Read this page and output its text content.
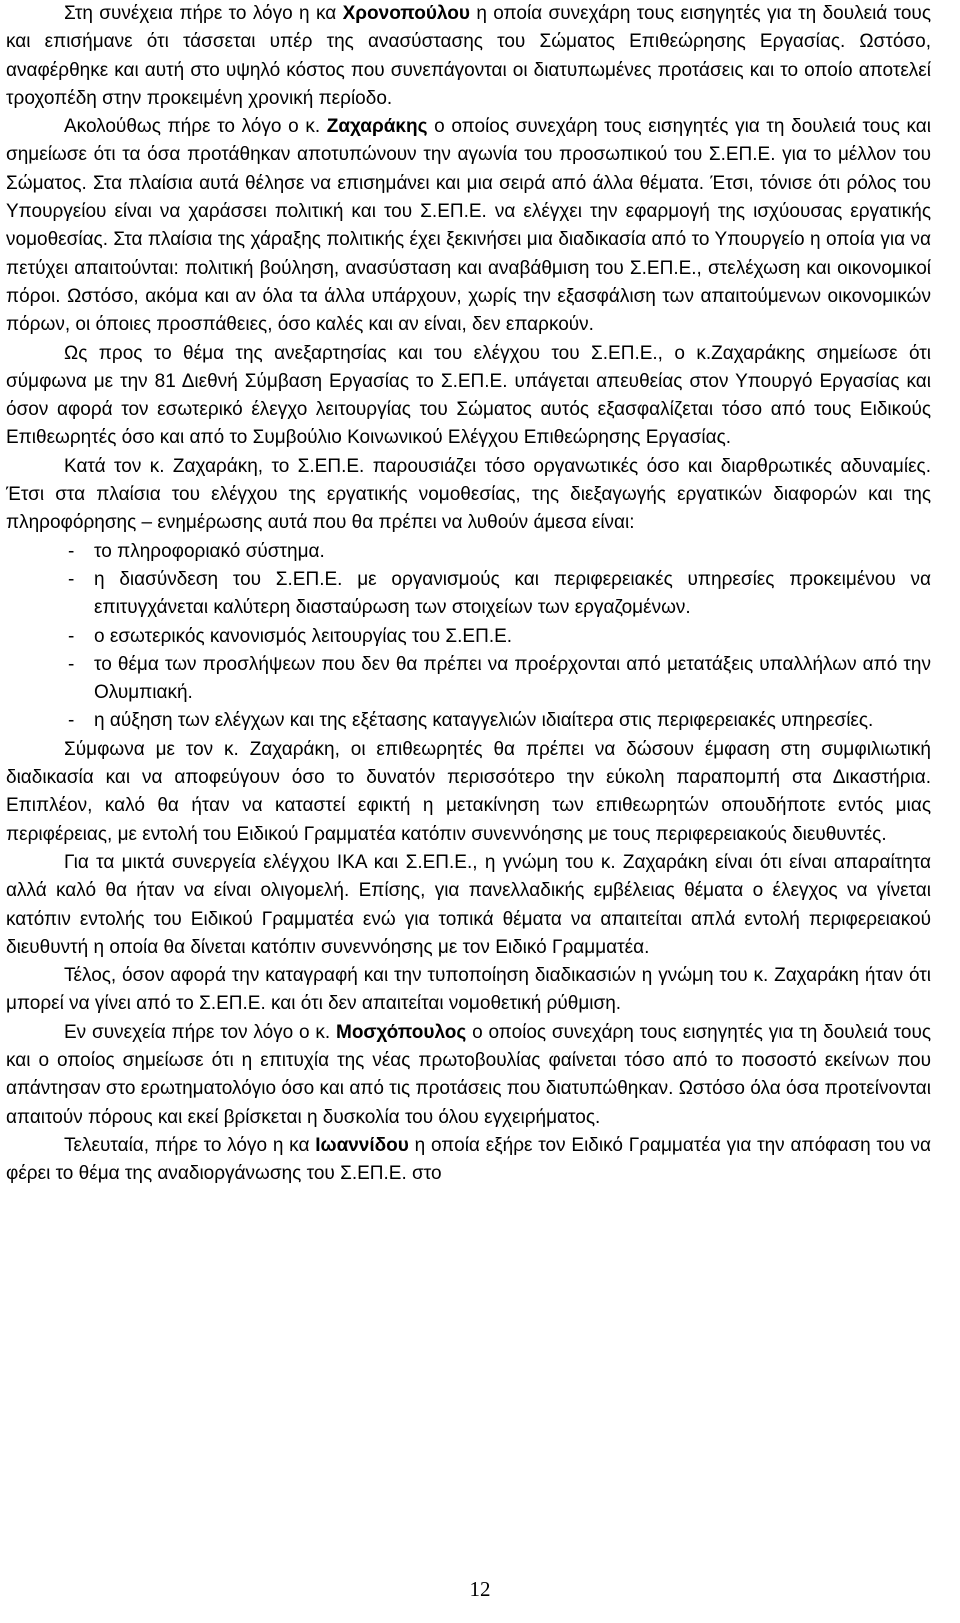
Στη συνέχεια πήρε το λόγο η κα Χρονοπούλου η οποία συνεχάρη τους εισηγητές για τη δουλειά τους και επισήμανε ότι τάσσεται υπέρ της ανασύστασης του Σώματος Επιθεώρησης Εργασίας. Ωστόσο, αναφέρθηκε και αυτή στο υψηλό κόστος που συνεπάγονται οι διατυπωμένες προτάσεις και το οποίο αποτελεί τροχοπέδη στην προκειμένη χρονική περίοδο.

Ακολούθως πήρε το λόγο ο κ. Ζαχαράκης ο οποίος συνεχάρη τους εισηγητές για τη δουλειά τους και σημείωσε ότι τα όσα προτάθηκαν αποτυπώνουν την αγωνία του προσωπικού του Σ.ΕΠ.Ε. για το μέλλον του Σώματος. Στα πλαίσια αυτά θέλησε να επισημάνει και μια σειρά από άλλα θέματα. Έτσι, τόνισε ότι ρόλος του Υπουργείου είναι να χαράσσει πολιτική και του Σ.ΕΠ.Ε. να ελέγχει την εφαρμογή της ισχύουσας εργατικής νομοθεσίας. Στα πλαίσια της χάραξης πολιτικής έχει ξεκινήσει μια διαδικασία από το Υπουργείο η οποία για να πετύχει απαιτούνται: πολιτική βούληση, ανασύσταση και αναβάθμιση του Σ.ΕΠ.Ε., στελέχωση και οικονομικοί πόροι. Ωστόσο, ακόμα και αν όλα τα άλλα υπάρχουν, χωρίς την εξασφάλιση των απαιτούμενων οικονομικών πόρων, οι όποιες προσπάθειες, όσο καλές και αν είναι, δεν επαρκούν.

Ως προς το θέμα της ανεξαρτησίας και του ελέγχου του Σ.ΕΠ.Ε., ο κ.Ζαχαράκης σημείωσε ότι σύμφωνα με την 81 Διεθνή Σύμβαση Εργασίας το Σ.ΕΠ.Ε. υπάγεται απευθείας στον Υπουργό Εργασίας και όσον αφορά τον εσωτερικό έλεγχο λειτουργίας του Σώματος αυτός εξασφαλίζεται τόσο από τους Ειδικούς Επιθεωρητές όσο και από το Συμβούλιο Κοινωνικού Ελέγχου Επιθεώρησης Εργασίας.

Κατά τον κ. Ζαχαράκη, το Σ.ΕΠ.Ε. παρουσιάζει τόσο οργανωτικές όσο και διαρθρωτικές αδυναμίες. Έτσι στα πλαίσια του ελέγχου της εργατικής νομοθεσίας, της διεξαγωγής εργατικών διαφορών και της πληροφόρησης – ενημέρωσης αυτά που θα πρέπει να λυθούν άμεσα είναι:

- το πληροφοριακό σύστημα.
- η διασύνδεση του Σ.ΕΠ.Ε. με οργανισμούς και περιφερειακές υπηρεσίες προκειμένου να επιτυγχάνεται καλύτερη διασταύρωση των στοιχείων των εργαζομένων.
- ο εσωτερικός κανονισμός λειτουργίας του Σ.ΕΠ.Ε.
- το θέμα των προσλήψεων που δεν θα πρέπει να προέρχονται από μετατάξεις υπαλλήλων από την Ολυμπιακή.
- η αύξηση των ελέγχων και της εξέτασης καταγγελιών ιδιαίτερα στις περιφερειακές υπηρεσίες.

Σύμφωνα με τον κ. Ζαχαράκη, οι επιθεωρητές θα πρέπει να δώσουν έμφαση στη συμφιλιωτική διαδικασία και να αποφεύγουν όσο το δυνατόν περισσότερο την εύκολη παραπομπή στα Δικαστήρια. Επιπλέον, καλό θα ήταν να καταστεί εφικτή η μετακίνηση των επιθεωρητών οπουδήποτε εντός μιας περιφέρειας, με εντολή του Ειδικού Γραμματέα κατόπιν συνεννόησης με τους περιφερειακούς διευθυντές.

Για τα μικτά συνεργεία ελέγχου ΙΚΑ και Σ.ΕΠ.Ε., η γνώμη του κ. Ζαχαράκη είναι ότι είναι απαραίτητα αλλά καλό θα ήταν να είναι ολιγομελή. Επίσης, για πανελλαδικής εμβέλειας θέματα ο έλεγχος να γίνεται κατόπιν εντολής του Ειδικού Γραμματέα ενώ για τοπικά θέματα να απαιτείται απλά εντολή περιφερειακού διευθυντή η οποία θα δίνεται κατόπιν συνεννόησης με τον Ειδικό Γραμματέα.

Τέλος, όσον αφορά την καταγραφή και την τυποποίηση διαδικασιών η γνώμη του κ. Ζαχαράκη ήταν ότι μπορεί να γίνει από το Σ.ΕΠ.Ε. και ότι δεν απαιτείται νομοθετική ρύθμιση.

Εν συνεχεία πήρε τον λόγο ο κ. Μοσχόπουλος ο οποίος συνεχάρη τους εισηγητές για τη δουλειά τους και ο οποίος σημείωσε ότι η επιτυχία της νέας πρωτοβουλίας φαίνεται τόσο από το ποσοστό εκείνων που απάντησαν στο ερωτηματολόγιο όσο και από τις προτάσεις που διατυπώθηκαν. Ωστόσο όλα όσα προτείνονται απαιτούν πόρους και εκεί βρίσκεται η δυσκολία του όλου εγχειρήματος.

Τελευταία, πήρε το λόγο η κα Ιωαννίδου η οποία εξήρε τον Ειδικό Γραμματέα για την απόφαση του να φέρει το θέμα της αναδιοργάνωσης του Σ.ΕΠ.Ε. στο

12
